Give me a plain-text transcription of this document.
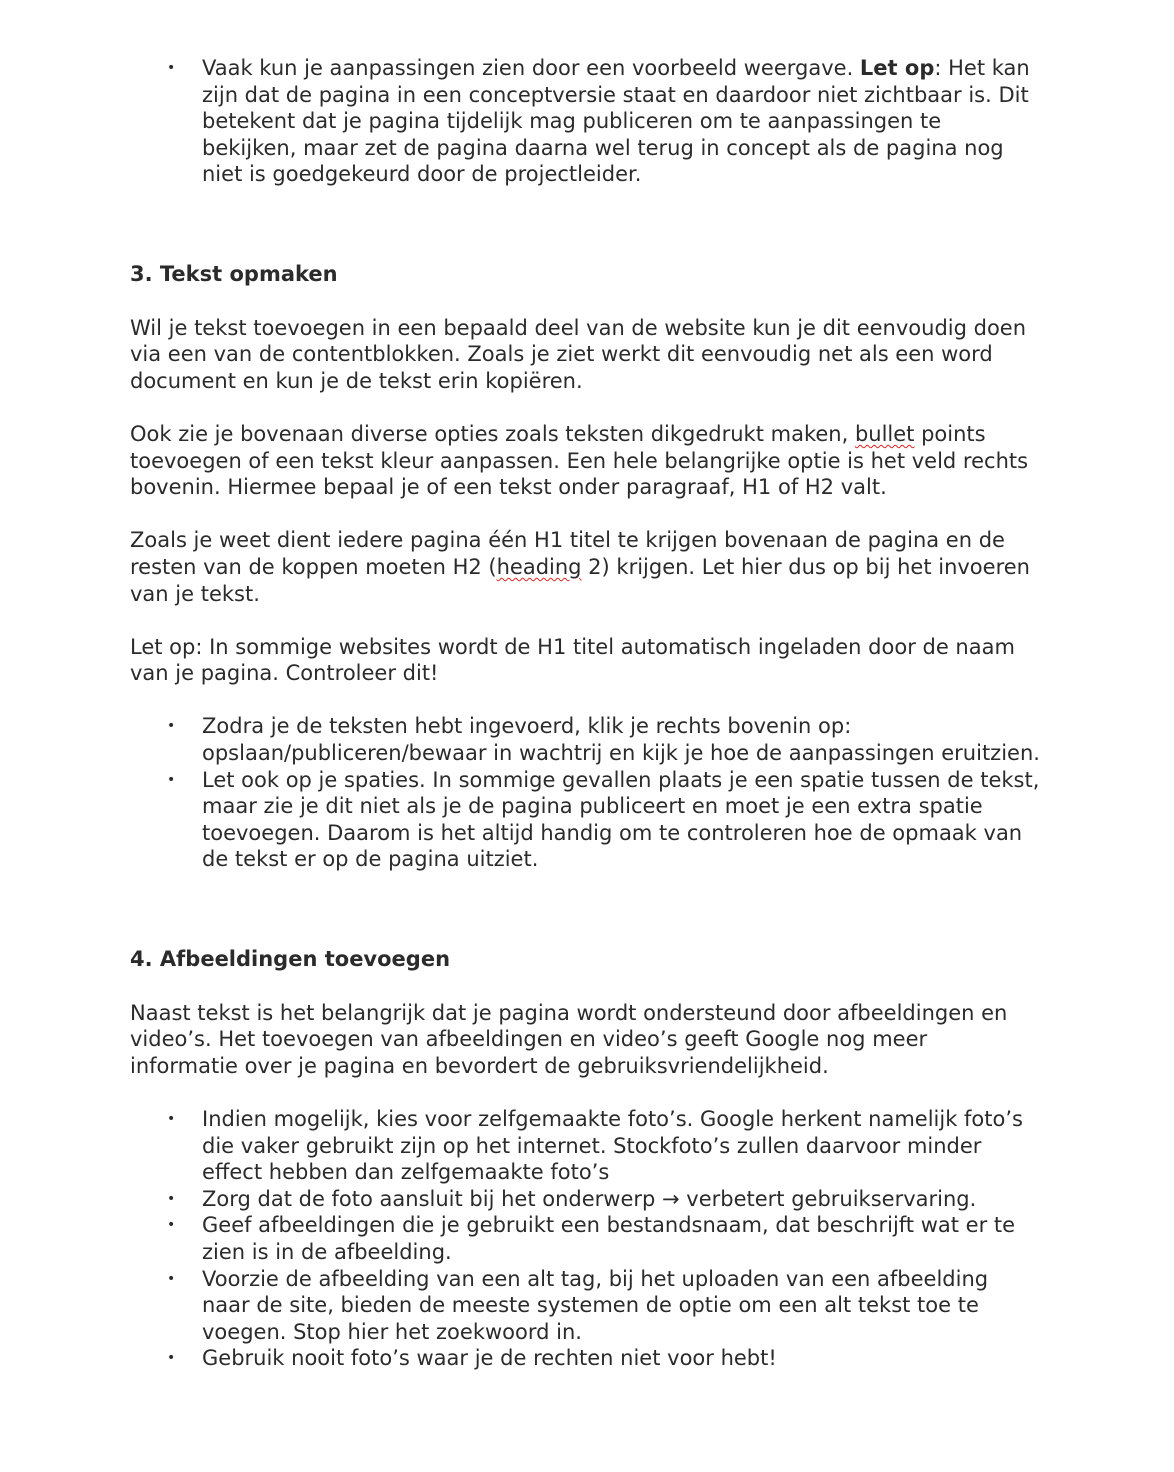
• Vaak kun je aanpassingen zien door een voorbeeld weergave. Let op: Het kan zijn dat de pagina in een conceptversie staat en daardoor niet zichtbaar is. Dit betekent dat je pagina tijdelijk mag publiceren om te aanpassingen te bekijken, maar zet de pagina daarna wel terug in concept als de pagina nog niet is goedgekeurd door de projectleider.
3. Tekst opmaken

Wil je tekst toevoegen in een bepaald deel van de website kun je dit eenvoudig doen via een van de contentblokken. Zoals je ziet werkt dit eenvoudig net als een word document en kun je de tekst erin kopiëren.

Ook zie je bovenaan diverse opties zoals teksten dikgedrukt maken, bullet points toevoegen of een tekst kleur aanpassen. Een hele belangrijke optie is het veld rechts bovenin. Hiermee bepaal je of een tekst onder paragraaf, H1 of H2 valt.

Zoals je weet dient iedere pagina één H1 titel te krijgen bovenaan de pagina en de resten van de koppen moeten H2 (heading 2) krijgen. Let hier dus op bij het invoeren van je tekst.

Let op: In sommige websites wordt de H1 titel automatisch ingeladen door de naam van je pagina. Controleer dit!

• Zodra je de teksten hebt ingevoerd, klik je rechts bovenin op: opslaan/publiceren/bewaar in wachtrij en kijk je hoe de aanpassingen eruitzien.
• Let ook op je spaties. In sommige gevallen plaats je een spatie tussen de tekst, maar zie je dit niet als je de pagina publiceert en moet je een extra spatie toevoegen. Daarom is het altijd handig om te controleren hoe de opmaak van de tekst er op de pagina uitziet.
4. Afbeeldingen toevoegen

Naast tekst is het belangrijk dat je pagina wordt ondersteund door afbeeldingen en video’s. Het toevoegen van afbeeldingen en video’s geeft Google nog meer informatie over je pagina en bevordert de gebruiksvriendelijkheid.

• Indien mogelijk, kies voor zelfgemaakte foto’s. Google herkent namelijk foto’s die vaker gebruikt zijn op het internet. Stockfoto’s zullen daarvoor minder effect hebben dan zelfgemaakte foto’s
• Zorg dat de foto aansluit bij het onderwerp → verbetert gebruikservaring.
• Geef afbeeldingen die je gebruikt een bestandsnaam, dat beschrijft wat er te zien is in de afbeelding.
• Voorzie de afbeelding van een alt tag, bij het uploaden van een afbeelding naar de site, bieden de meeste systemen de optie om een alt tekst toe te voegen. Stop hier het zoekwoord in.
• Gebruik nooit foto’s waar je de rechten niet voor hebt!
